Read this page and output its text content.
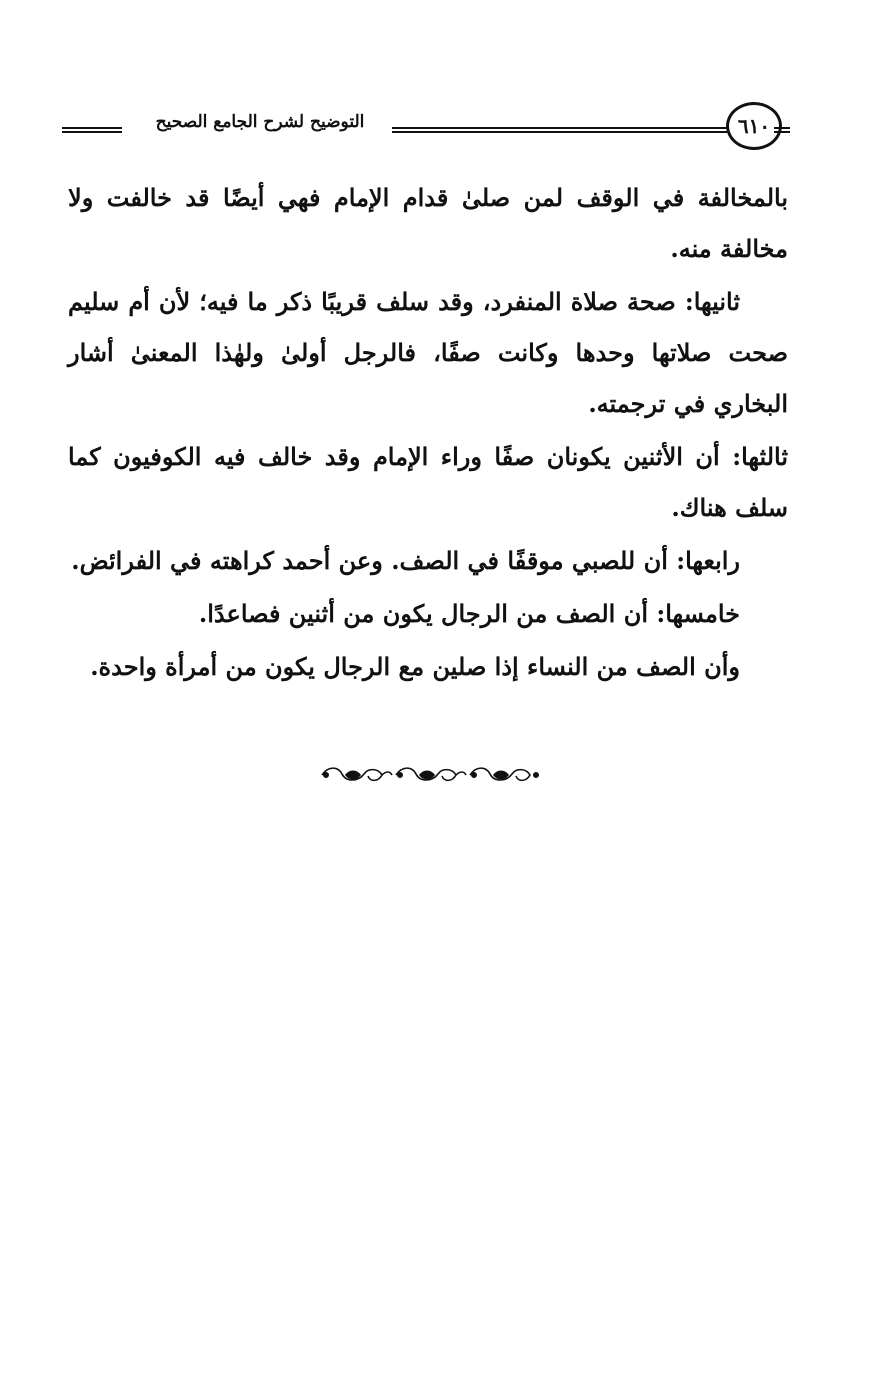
التوضيح لشرح الجامع الصحيح	٦١٠

بالمخالفة في الوقف لمن صلىٰ قدام الإمام فهي أيضًا قد خالفت ولا مخالفة منه.

ثانيها: صحة صلاة المنفرد، وقد سلف قريبًا ذكر ما فيه؛ لأن أم سليم صحت صلاتها وحدها وكانت صفًا، فالرجل أولىٰ ولهٰذا المعنىٰ أشار البخاري في ترجمته.

ثالثها: أن الأثنين يكونان صفًا وراء الإمام وقد خالف فيه الكوفيون كما سلف هناك.

رابعها: أن للصبي موقفًا في الصف. وعن أحمد كراهته في الفرائض.

خامسها: أن الصف من الرجال يكون من أثنين فصاعدًا.

وأن الصف من النساء إذا صلين مع الرجال يكون من أمرأة واحدة.
